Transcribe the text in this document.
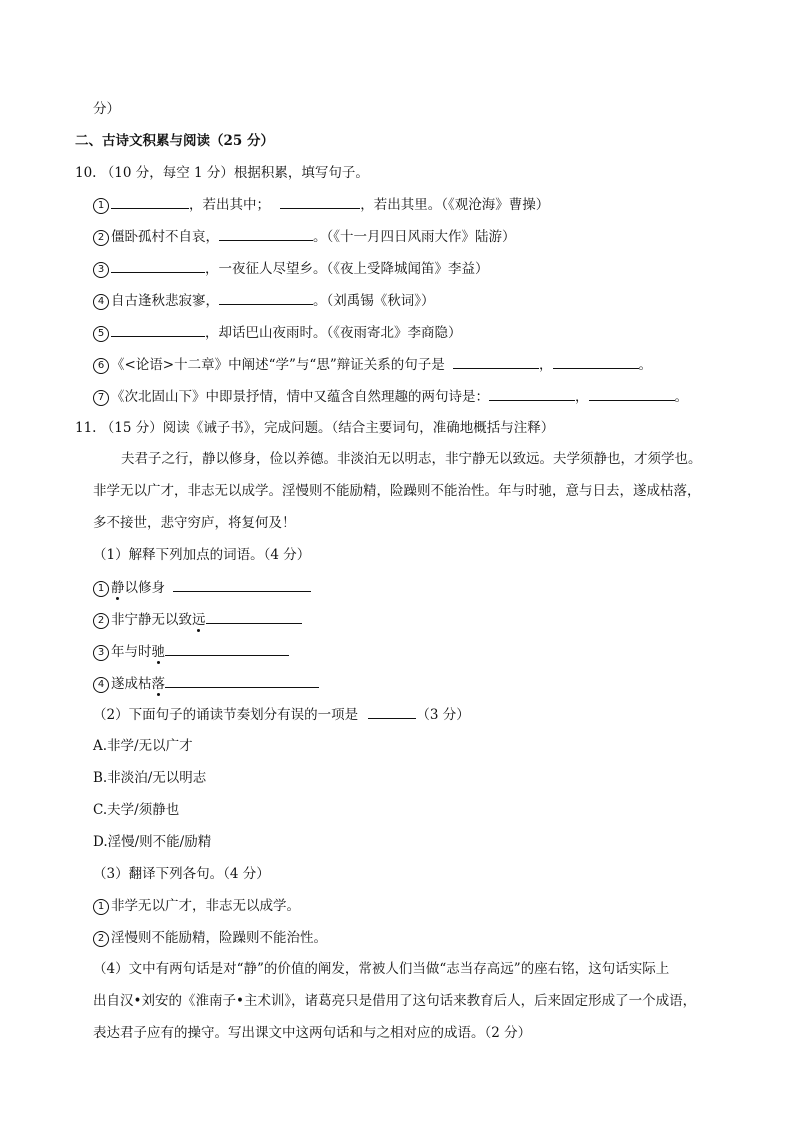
分）
二、古诗文积累与阅读（25 分）
10. （10 分，每空 1 分）根据积累，填写句子。
1	，若出其中；	，若出其里。（《观沧海》曹操）
2 僵卧孤村不自哀，	。（《十一月四日风雨大作》陆游）
3	，一夜征人尽望乡。（《夜上受降城闻笛》李益）
4 自古逢秋悲寂寥，	。（刘禹锡《秋词》）
5	，却话巴山夜雨时。（《夜雨寄北》李商隐）
6 《<论语>十二章》中阐述“学”与“思”辩证关系的句子是	，	。
7 《次北固山下》中即景抒情，情中又蕴含自然理趣的两句诗是：	，	。
11. （15 分）阅读《诫子书》，完成问题。（结合主要词句，准确地概括与注释）
夫君子之行，静以修身，俭以养德。非淡泊无以明志，非宁静无以致远。夫学须静也，才须学也。
非学无以广才，非志无以成学。淫慢则不能励精，险躁则不能治性。年与时驰，意与日去，遂成枯落，
多不接世，悲守穷庐，将复何及！
（1）解释下列加点的词语。（4 分）
1 静以修身
2 非宁静无以致远
3 年与时驰
4 遂成枯落
（2）下面句子的诵读节奏划分有误的一项是	（3 分）
A.非学/无以广才
B.非淡泊/无以明志
C.夫学/须静也
D.淫慢/则不能/励精
（3）翻译下列各句。（4 分）
1 非学无以广才，非志无以成学。
2 淫慢则不能励精，险躁则不能治性。
（4）文中有两句话是对“静”的价值的阐发，常被人们当做“志当存高远”的座右铭，这句话实际上
出自汉•刘安的《淮南子•主术训》，诸葛亮只是借用了这句话来教育后人，后来固定形成了一个成语，
表达君子应有的操守。写出课文中这两句话和与之相对应的成语。（2 分）
